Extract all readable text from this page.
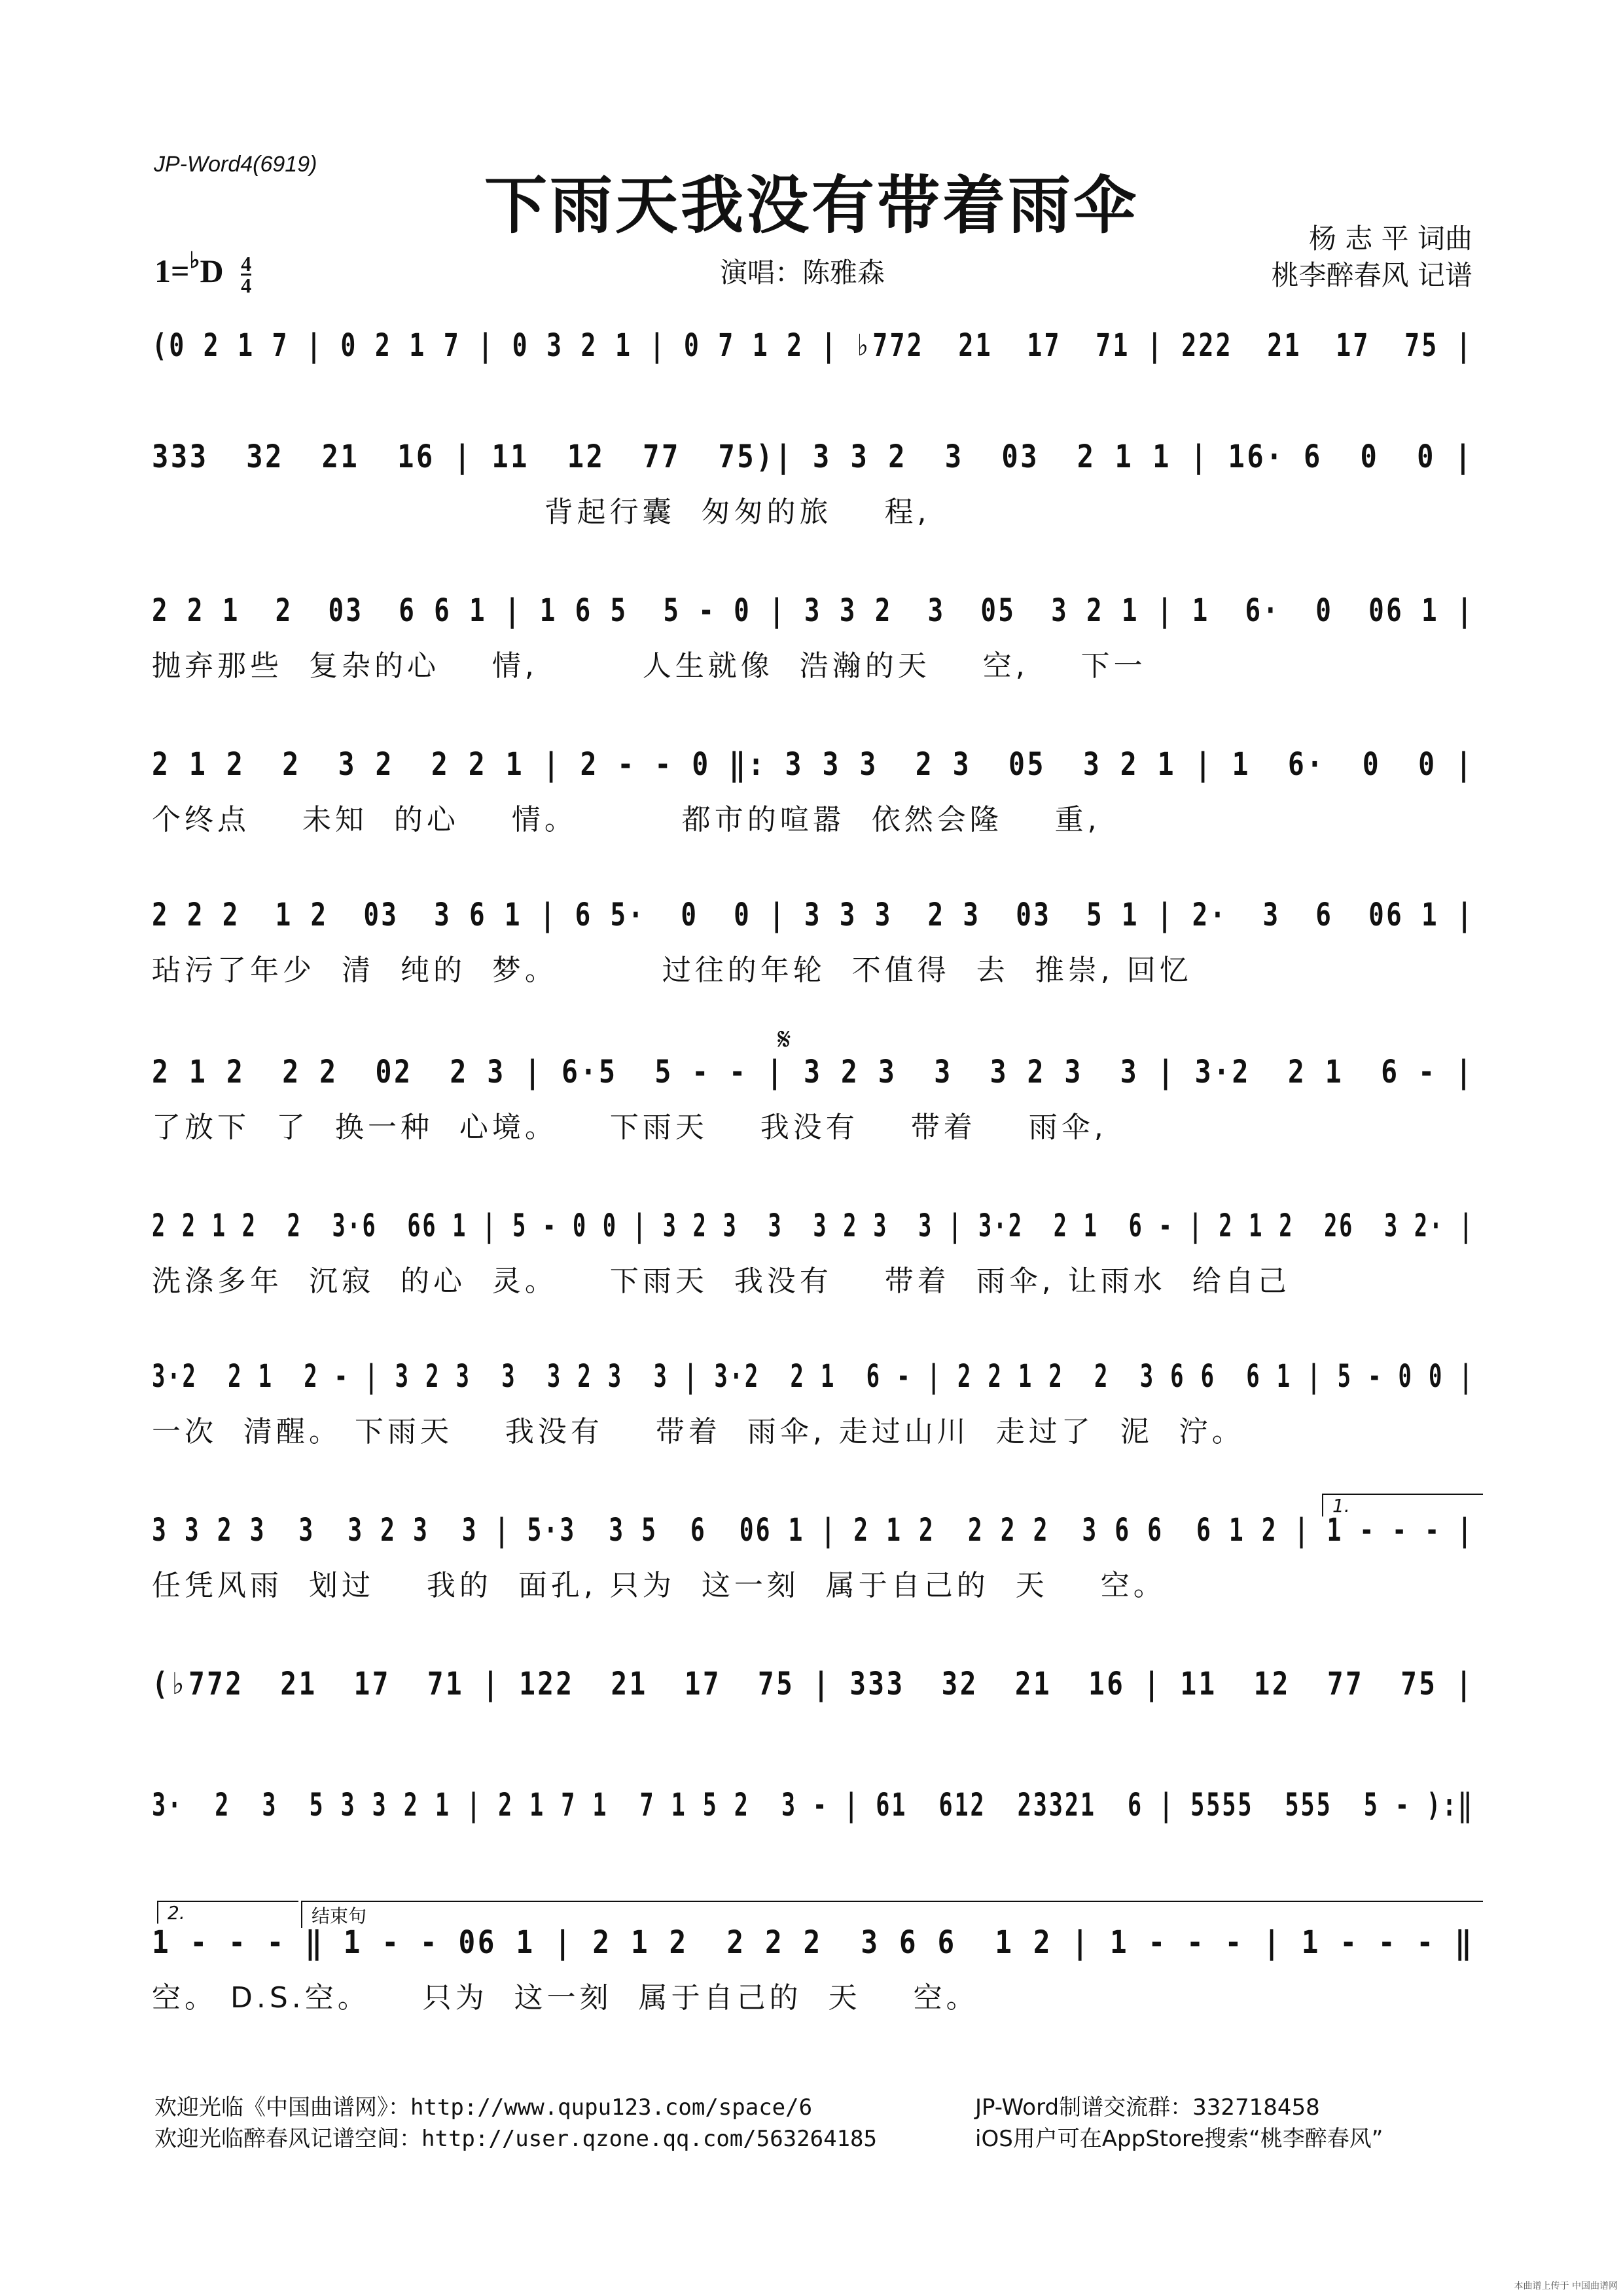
JP-Word4(6919)
下雨天我没有带着雨伞	杨 志 平 词曲
桃李醉春风 记谱
演唱：陈雅森
$1=^♭D \frac{4}{4}$
(0 2 1 7 | 0 2 1 7 | 0 3 2 1 | 0 7 1 2 | ♭772  21  17  71 | 222  21  17  75 |
333  32  21  16 | 11  12  77  75)| 3 3 2  3  03  2 1 1 | 16· 6  0  0 |
背起行囊  匆匆的旅    程,
2 2 1  2  03  6 6 1 | 1 6 5  5 - 0 | 3 3 2  3  05  3 2 1 | 1  6·  0  06 1 |
抛弃那些  复杂的心    情,        人生就像  浩瀚的天    空,    下一
2 1 2  2  3 2  2 2 1 | 2 - - 0 ‖: 3 3 3  2 3  05  3 2 1 | 1  6·  0  0 |
个终点    未知  的心    情。        都市的喧嚣  依然会隆    重,
2 2 2  1 2  03  3 6 1 | 6 5·  0  0 | 3 3 3  2 3  03  5 1 | 2·  3  6  06 1 |
玷污了年少  清  纯的  梦。        过往的年轮  不值得  去  推崇, 回忆
2 1 2  2 2  02  2 3 | 6·5  5 - - | 3 2 3  3  3 2 3  3 | 3·2  2 1  6 - |
了放下  了  换一种  心境。    下雨天    我没有    带着    雨伞,
2 2 1 2  2  3·6  66 1 | 5 - 0 0 | 3 2 3  3  3 2 3  3 | 3·2  2 1  6 - | 2 1 2  26  3 2· |
洗涤多年  沉寂  的心  灵。    下雨天  我没有    带着  雨伞, 让雨水  给自己
3·2  2 1  2 - | 3 2 3  3  3 2 3  3 | 3·2  2 1  6 - | 2 2 1 2  2  3 6 6  6 1 | 5 - 0 0 |
一次  清醒。 下雨天    我没有    带着  雨伞, 走过山川  走过了  泥  泞。
3 3 2 3  3  3 2 3  3 | 5·3  3 5  6  06 1 | 2 1 2  2 2 2  3 6 6  6 1 2 | 1 - - - |
任凭风雨  划过    我的  面孔, 只为  这一刻  属于自己的  天    空。
(♭772  21  17  71 | 122  21  17  75 | 333  32  21  16 | 11  12  77  75 |
3·  2  3  5 3 3 2 1 | 2 1 7 1  7 1 5 2  3 - | 61  612  23321  6 | 5555  555  5 - ):‖
1 - - - ‖ 1 - - 06 1 | 2 1 2  2 2 2  3 6 6  1 2 | 1 - - - | 1 - - - ‖
空。 D.S.空。    只为  这一刻  属于自己的  天    空。
𝄋
1.
2.	结束句
欢迎光临《中国曲谱网》：http://www.qupu123.com/space/6
欢迎光临醉春风记谱空间：http://user.qzone.qq.com/563264185
JP-Word制谱交流群：332718458
iOS用户可在AppStore搜索“桃李醉春风”
本曲谱上传于 中国曲谱网
